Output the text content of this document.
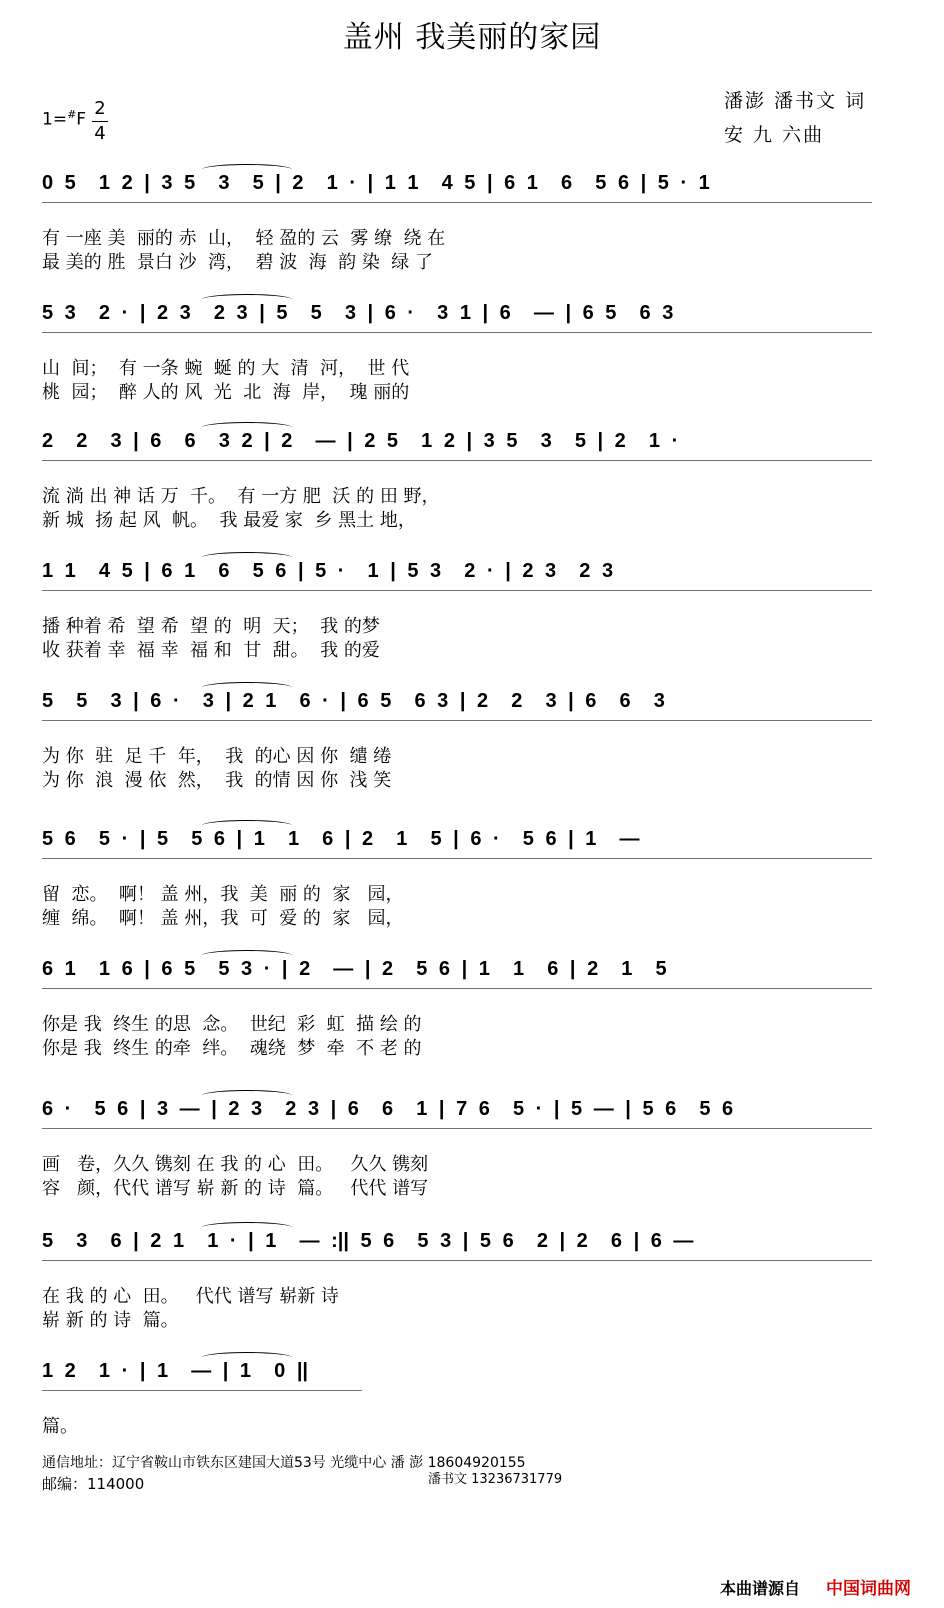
盖州 我美丽的家园
1=#F
2
4
潘澎 潘书文 词
安 九 六曲
0 5  1 2 | 3 5  3  5 | 2  1 · | 1 1  4 5 | 6 1  6  5 6 | 5 · 1
有 一座 美  丽的 赤  山，  轻 盈的 云  雾 缭  绕 在
最 美的 胜  景白 沙  湾，  碧 波  海  韵 染  绿 了
5 3  2 · | 2 3  2 3 | 5  5  3 | 6 ·  3 1 | 6  — | 6 5  6 3
山  间；  有 一条 蜿  蜒 的 大  清  河，  世 代
桃  园；  醉 人的 风  光  北  海  岸，  瑰 丽的
2  2  3 | 6  6  3 2 | 2  — | 2 5  1 2 | 3 5  3  5 | 2  1 ·
流 淌 出 神 话 万  千。  有 一方 肥  沃 的 田 野，
新 城  扬 起 风  帆。  我 最爱 家  乡 黑土 地，
1 1  4 5 | 6 1  6  5 6 | 5 ·  1 | 5 3  2 · | 2 3  2 3
播 种着 希  望 希  望 的  明  天；  我 的梦
收 获着 幸  福 幸  福 和  甘  甜。  我 的爱
5  5  3 | 6 ·  3 | 2 1  6 · | 6 5  6 3 | 2  2  3 | 6  6  3
为 你  驻  足 千  年，  我  的心 因 你  缱 绻
为 你  浪  漫 依  然，  我  的情 因 你  浅 笑
5 6  5 · | 5  5 6 | 1  1  6 | 2  1  5 | 6 ·  5 6 | 1  —
留  恋。  啊！ 盖 州，我  美  丽 的  家   园，
缠  绵。  啊！ 盖 州，我  可  爱 的  家   园，
6 1  1 6 | 6 5  5 3 · | 2  — | 2  5 6 | 1  1  6 | 2  1  5
你是 我  终生 的思  念。  世纪  彩  虹  描 绘 的
你是 我  终生 的牵  绊。  魂绕  梦  牵  不 老 的
6 ·  5 6 | 3 — | 2 3  2 3 | 6  6  1 | 7 6  5 · | 5 — | 5 6  5 6
画   卷，久久 镌刻 在 我 的 心  田。   久久 镌刻
容   颜，代代 谱写 崭 新 的 诗  篇。   代代 谱写
5  3  6 | 2 1  1 · | 1  — :|| 5 6  5 3 | 5 6  2 | 2  6 | 6 —
在 我 的 心  田。   代代 谱写 崭新 诗
崭 新 的 诗  篇。
1 2  1 · | 1  — | 1  0 ||
篇。
通信地址：辽宁省鞍山市铁东区建国大道53号 光缆中心 潘 澎 18604920155
潘书文 13236731779
邮编：114000
本曲谱源自 中国词曲网
